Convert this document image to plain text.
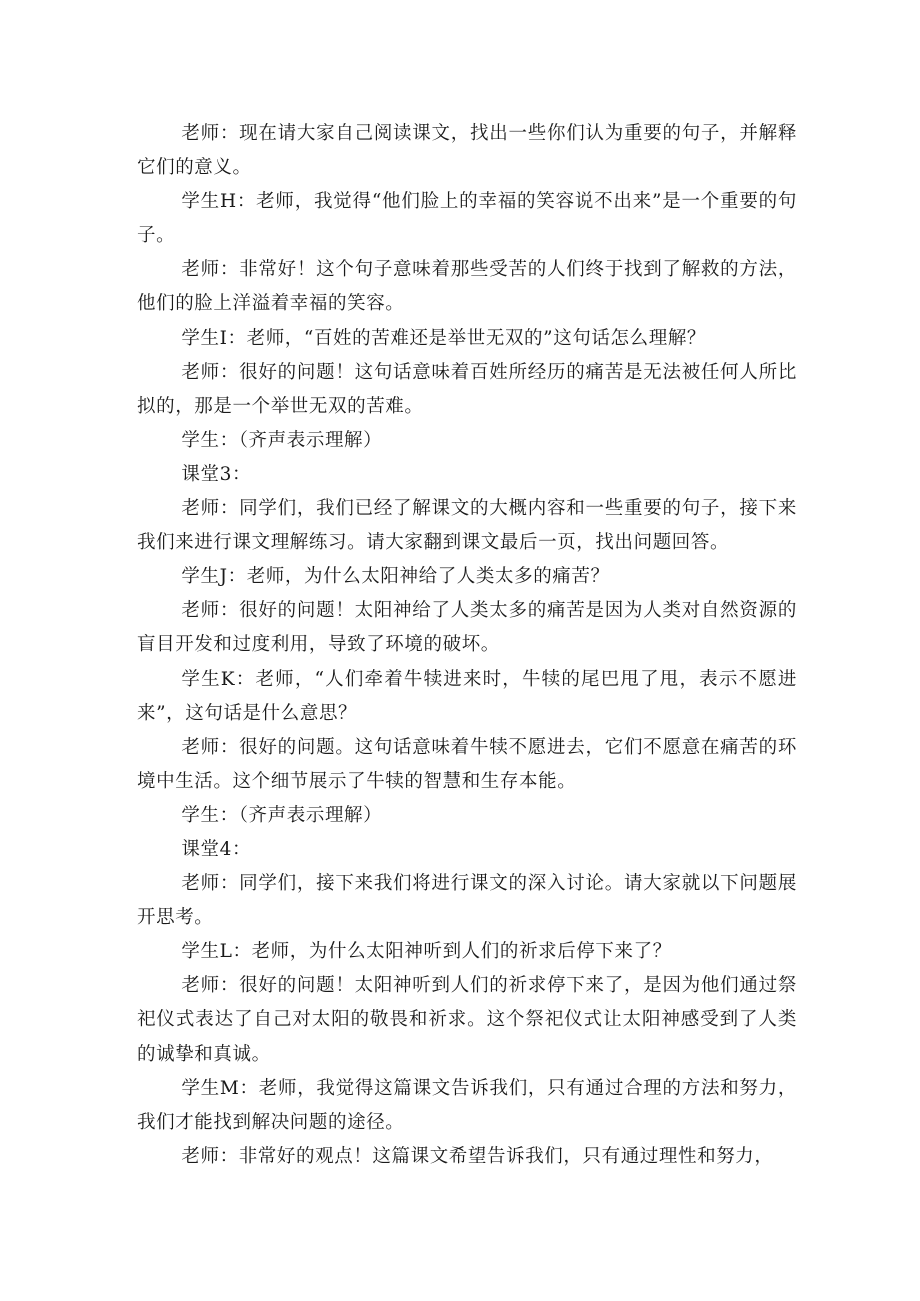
老师：现在请大家自己阅读课文，找出一些你们认为重要的句子，并解释它们的意义。

学生H：老师，我觉得“他们脸上的幸福的笑容说不出来”是一个重要的句子。

老师：非常好！这个句子意味着那些受苦的人们终于找到了解救的方法，他们的脸上洋溢着幸福的笑容。

学生I：老师，“百姓的苦难还是举世无双的”这句话怎么理解？

老师：很好的问题！这句话意味着百姓所经历的痛苦是无法被任何人所比拟的，那是一个举世无双的苦难。

学生：（齐声表示理解）

课堂3：

老师：同学们，我们已经了解课文的大概内容和一些重要的句子，接下来我们来进行课文理解练习。请大家翻到课文最后一页，找出问题回答。

学生J：老师，为什么太阳神给了人类太多的痛苦？

老师：很好的问题！太阳神给了人类太多的痛苦是因为人类对自然资源的盲目开发和过度利用，导致了环境的破坏。

学生K：老师，“人们牵着牛犊进来时，牛犊的尾巴甩了甩，表示不愿进来”，这句话是什么意思？

老师：很好的问题。这句话意味着牛犊不愿进去，它们不愿意在痛苦的环境中生活。这个细节展示了牛犊的智慧和生存本能。

学生：（齐声表示理解）

课堂4：

老师：同学们，接下来我们将进行课文的深入讨论。请大家就以下问题展开思考。

学生L：老师，为什么太阳神听到人们的祈求后停下来了？

老师：很好的问题！太阳神听到人们的祈求停下来了，是因为他们通过祭祀仪式表达了自己对太阳的敬畏和祈求。这个祭祀仪式让太阳神感受到了人类的诚挚和真诚。

学生M：老师，我觉得这篇课文告诉我们，只有通过合理的方法和努力，我们才能找到解决问题的途径。

老师：非常好的观点！这篇课文希望告诉我们，只有通过理性和努力，
